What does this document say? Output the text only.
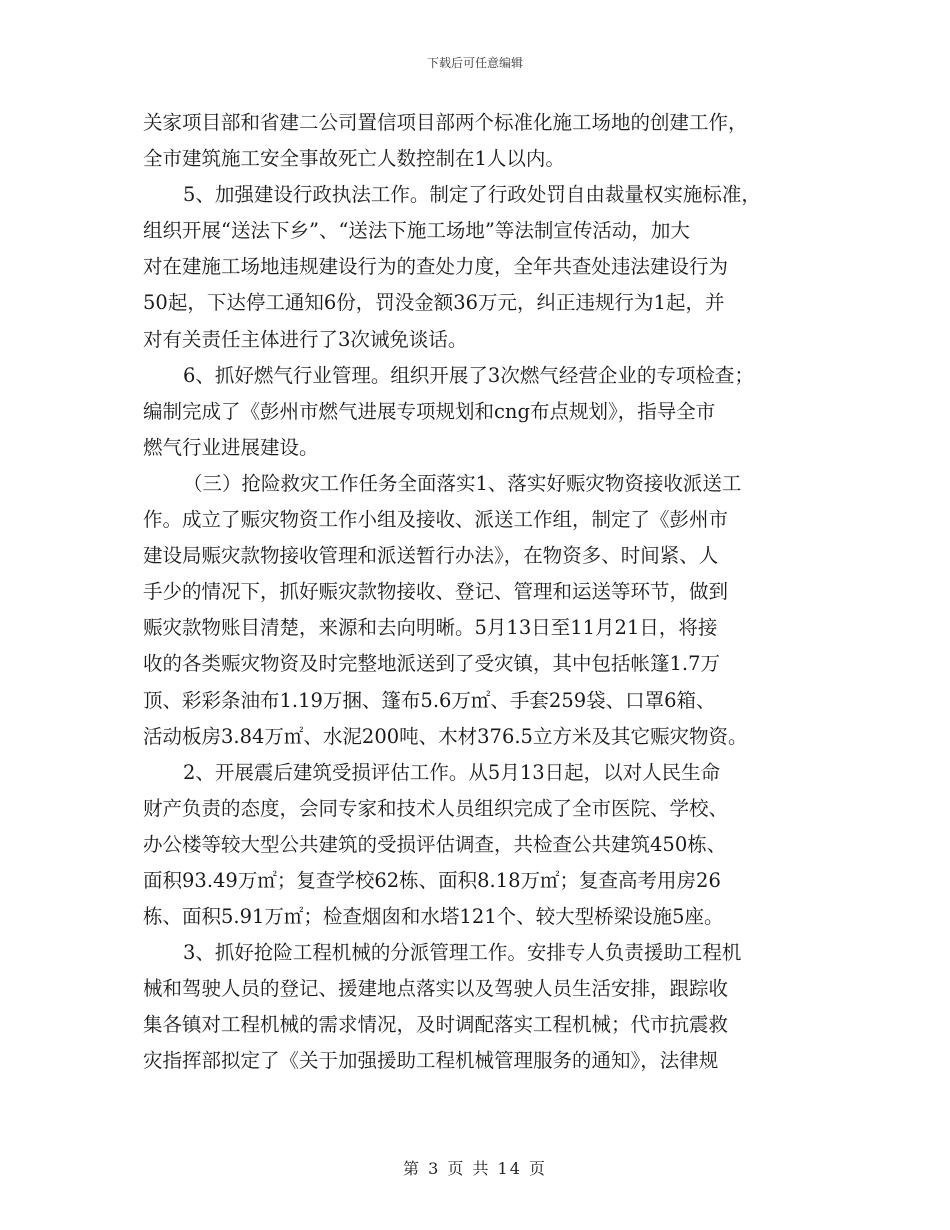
下载后可任意编辑
关家项目部和省建二公司置信项目部两个标准化施工场地的创建工作，
全市建筑施工安全事故死亡人数控制在1人以内。
5、加强建设行政执法工作。制定了行政处罚自由裁量权实施标准，
组织开展“送法下乡”、“送法下施工场地”等法制宣传活动，加大
对在建施工场地违规建设行为的查处力度，全年共查处违法建设行为
50起，下达停工通知6份，罚没金额36万元，纠正违规行为1起，并
对有关责任主体进行了3次诫免谈话。
6、抓好燃气行业管理。组织开展了3次燃气经营企业的专项检查；
编制完成了《彭州市燃气进展专项规划和cng布点规划》，指导全市
燃气行业进展建设。
（三）抢险救灾工作任务全面落实1、落实好赈灾物资接收派送工
作。成立了赈灾物资工作小组及接收、派送工作组，制定了《彭州市
建设局赈灾款物接收管理和派送暂行办法》，在物资多、时间紧、人
手少的情况下，抓好赈灾款物接收、登记、管理和运送等环节，做到
赈灾款物账目清楚，来源和去向明晰。5月13日至11月21日，将接
收的各类赈灾物资及时完整地派送到了受灾镇，其中包括帐篷1.7万
顶、彩彩条油布1.19万捆、篷布5.6万㎡、手套259袋、口罩6箱、
活动板房3.84万㎡、水泥200吨、木材376.5立方米及其它赈灾物资。
2、开展震后建筑受损评估工作。从5月13日起，以对人民生命
财产负责的态度，会同专家和技术人员组织完成了全市医院、学校、
办公楼等较大型公共建筑的受损评估调查，共检查公共建筑450栋、
面积93.49万㎡；复查学校62栋、面积8.18万㎡；复查高考用房26
栋、面积5.91万㎡；检查烟囱和水塔121个、较大型桥梁设施5座。
3、抓好抢险工程机械的分派管理工作。安排专人负责援助工程机
械和驾驶人员的登记、援建地点落实以及驾驶人员生活安排，跟踪收
集各镇对工程机械的需求情况，及时调配落实工程机械；代市抗震救
灾指挥部拟定了《关于加强援助工程机械管理服务的通知》，法律规
第 3 页 共 14 页
